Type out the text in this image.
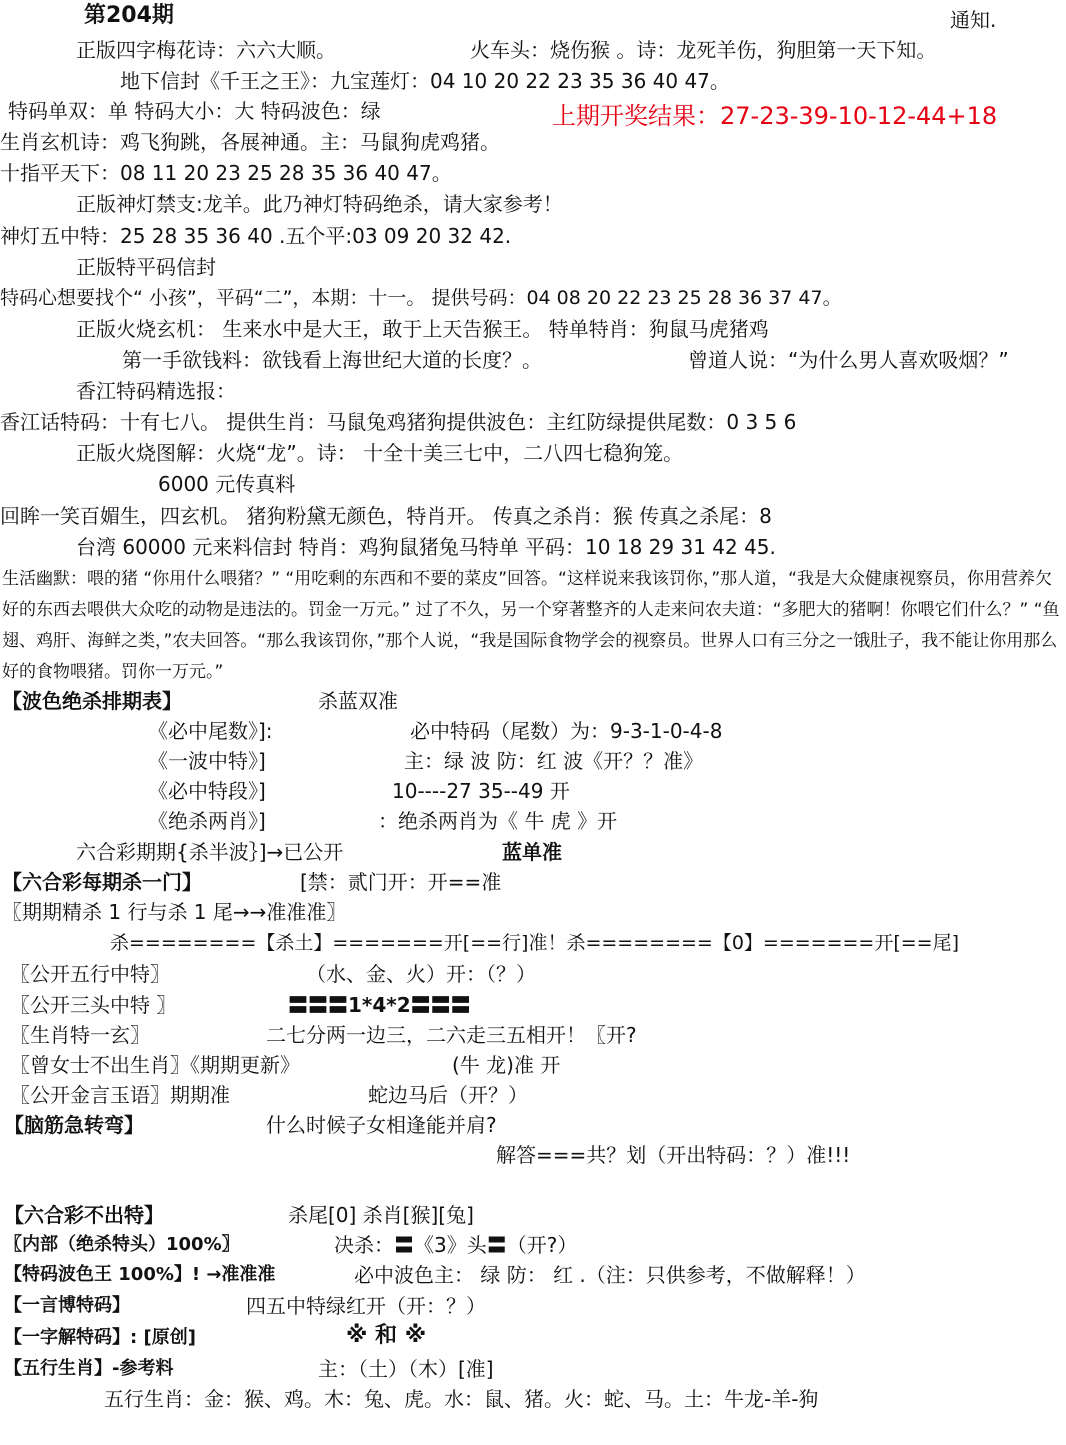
第204期	通知.
正版四字梅花诗：六六大顺。	火车头：烧伤猴 。诗：龙死羊伤，狗胆第一天下知。
地下信封《千王之王》：九宝莲灯：04 10 20 22 23 35 36 40 47。
特码单双：单 特码大小：大 特码波色：绿	上期开奖结果：27-23-39-10-12-44+18
生肖玄机诗：鸡飞狗跳，各展神通。主：马鼠狗虎鸡猪。
十指平天下：08 11 20 23 25 28 35 36 40 47。
正版神灯禁支:龙羊。此乃神灯特码绝杀，请大家参考！
神灯五中特：25 28 35 36 40 .五个平:03 09 20 32 42.
正版特平码信封
特码心想要找个“ 小孩”，平码“二”，本期：十一。 提供号码：04 08 20 22 23 25 28 36 37 47。
正版火烧玄机： 生来水中是大王，敢于上天告猴王。 特单特肖：狗鼠马虎猪鸡
第一手欲钱料：欲钱看上海世纪大道的长度？。	曾道人说：“为什么男人喜欢吸烟？”
香江特码精选报：
香江话特码：十有七八。 提供生肖：马鼠兔鸡猪狗提供波色：主红防绿提供尾数：0 3 5 6
正版火烧图解：火烧“龙”。诗： 十全十美三七中，二八四七稳狗笼。
6000 元传真料
回眸一笑百媚生，四玄机。 猪狗粉黛无颜色，特肖开。 传真之杀肖：猴 传真之杀尾：8
台湾 60000 元来料信封 特肖：鸡狗鼠猪兔马特单 平码：10 18 29 31 42 45.
生活幽默：喂的猪 “你用什么喂猪？” “用吃剩的东西和不要的菜皮”回答。“这样说来我该罚你，”那人道，“我是大众健康视察员，你用营养欠好的东西去喂供大众吃的动物是违法的。罚金一万元。” 过了不久，另一个穿著整齐的人走来问农夫道：“多肥大的猪啊！你喂它们什么？” “鱼翅、鸡肝、海鲜之类，”农夫回答。“那么我该罚你，”那个人说，“我是国际食物学会的视察员。世界人口有三分之一饿肚子，我不能让你用那么好的食物喂猪。罚你一万元。”
【波色绝杀排期表】	杀蓝双准
《必中尾数》]:	必中特码（尾数）为：9-3-1-0-4-8
《一波中特》]	主：绿 波 防：红 波《开？？准》
《必中特段》]	10----27 35--49 开
《绝杀两肖》]	：绝杀两肖为《 牛 虎 》开
六合彩期期{杀半波｝]→已公开	蓝单准
【六合彩每期杀一门】	[禁：贰门开：开==准
〖期期精杀 1 行与杀 1 尾→→准准准〗
杀========【杀土】=======开[==行]准！杀========【0】=======开[==尾]
〖公开五行中特〗	（水、金、火）开：（？）
〖公开三头中特 〗	〓〓〓1*4*2〓〓〓
〖生肖特一玄〗	二七分两一边三，二六走三五相开！〖开?
〖曾女士不出生肖〗《期期更新》	(牛 龙)准 开
〖公开金言玉语〗期期准	蛇边马后（开？）
【脑筋急转弯】	什么时候子女相逢能并肩?
解答===共？划（开出特码：？）准!!!
【六合彩不出特】	杀尾[0] 杀肖[猴][兔]
〖内部（绝杀特头）100%〗	决杀：〓《3》头〓（开?）
【特码波色王 100%】! →准准准	必中波色主： 绿 防： 红 .（注：只供参考，不做解释！）
【一言博特码】	四五中特绿红开（开：？）
【一字解特码】: [原创]	※ 和 ※
【五行生肖】-参考料	主：（土）（木）[准]
五行生肖：金：猴、鸡。木：兔、虎。水：鼠、猪。火：蛇、马。土：牛龙-羊-狗
